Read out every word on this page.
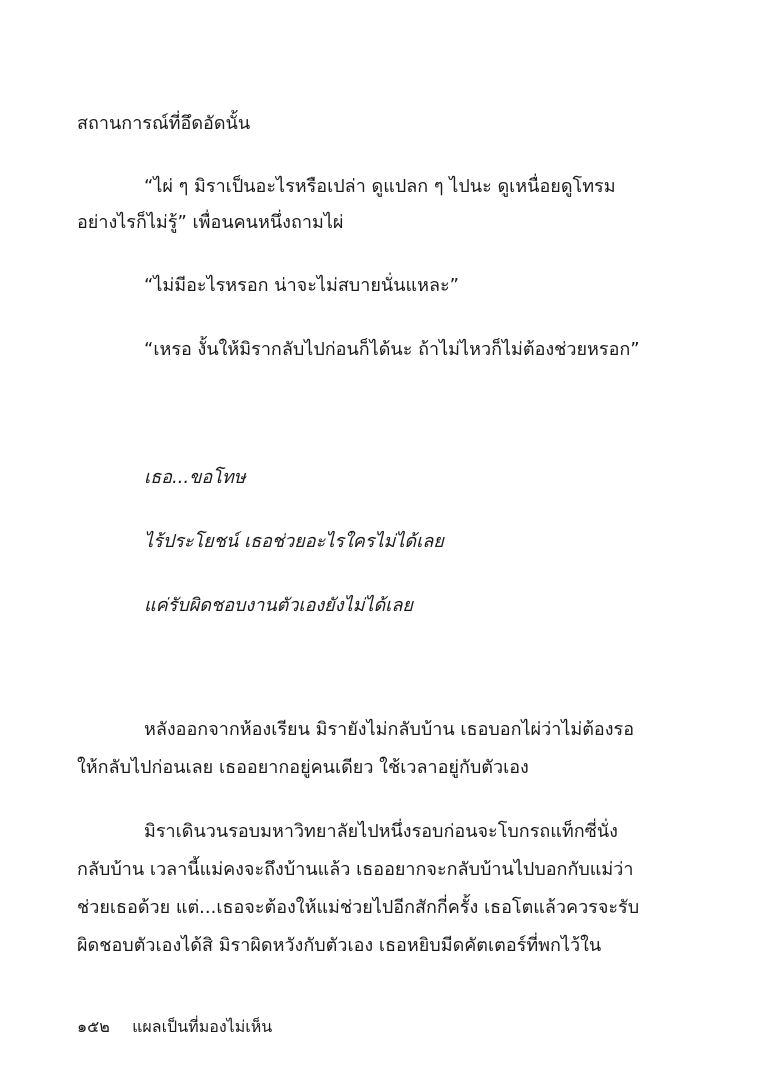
สถานการณ์ที่อึดอัดนั้น

“ไผ่ ๆ มิราเป็นอะไรหรือเปล่า ดูแปลก ๆ ไปนะ ดูเหนื่อยดูโทรม

อย่างไรก็ไม่รู้” เพื่อนคนหนึ่งถามไผ่

“ไม่มีอะไรหรอก น่าจะไม่สบายนั่นแหละ”

“เหรอ งั้นให้มิรากลับไปก่อนก็ได้นะ ถ้าไม่ไหวก็ไม่ต้องช่วยหรอก”

เธอ...ขอโทษ

ไร้ประโยชน์ เธอช่วยอะไรใครไม่ได้เลย

แค่รับผิดชอบงานตัวเองยังไม่ได้เลย

หลังออกจากห้องเรียน มิรายังไม่กลับบ้าน เธอบอกไผ่ว่าไม่ต้องรอ

ให้กลับไปก่อนเลย เธออยากอยู่คนเดียว ใช้เวลาอยู่กับตัวเอง

มิราเดินวนรอบมหาวิทยาลัยไปหนึ่งรอบก่อนจะโบกรถแท็กซี่นั่ง

กลับบ้าน เวลานี้แม่คงจะถึงบ้านแล้ว เธออยากจะกลับบ้านไปบอกกับแม่ว่า

ช่วยเธอด้วย แต่...เธอจะต้องให้แม่ช่วยไปอีกสักกี่ครั้ง เธอโตแล้วควรจะรับ

ผิดชอบตัวเองได้สิ มิราผิดหวังกับตัวเอง เธอหยิบมีดคัตเตอร์ที่พกไว้ใน

๑๕๒ แผลเป็นที่มองไม่เห็น
